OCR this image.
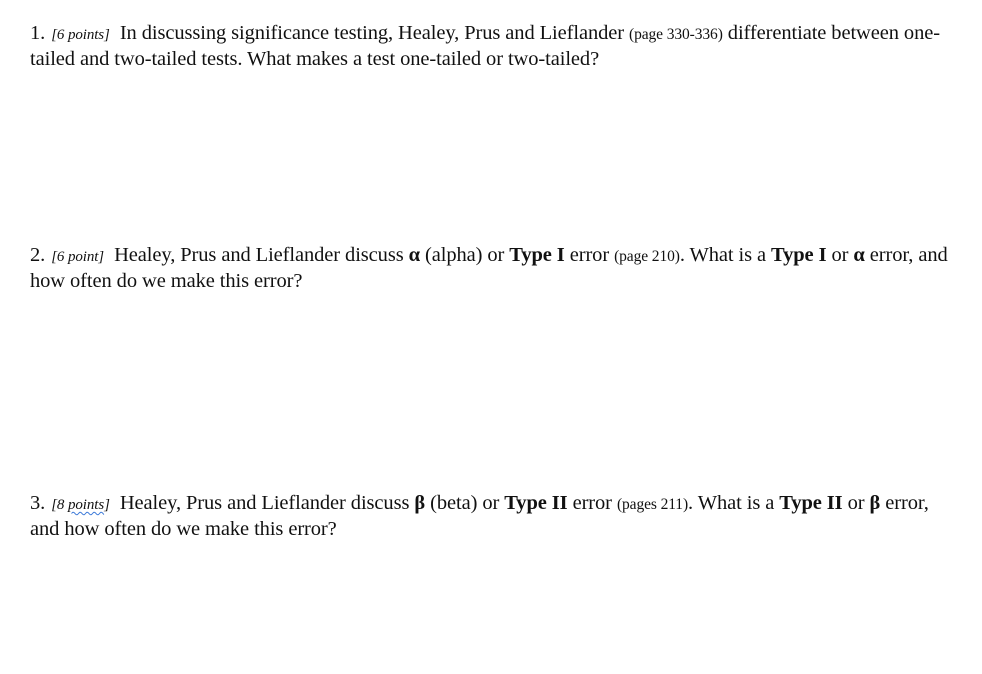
1. [6 points] In discussing significance testing, Healey, Prus and Lieflander (page 330-336) differentiate between one-tailed and two-tailed tests. What makes a test one-tailed or two-tailed?
2. [6 point] Healey, Prus and Lieflander discuss α (alpha) or Type I error (page 210). What is a Type I or α error, and how often do we make this error?
3. [8 points] Healey, Prus and Lieflander discuss β (beta) or Type II error (pages 211). What is a Type II or β error, and how often do we make this error?
